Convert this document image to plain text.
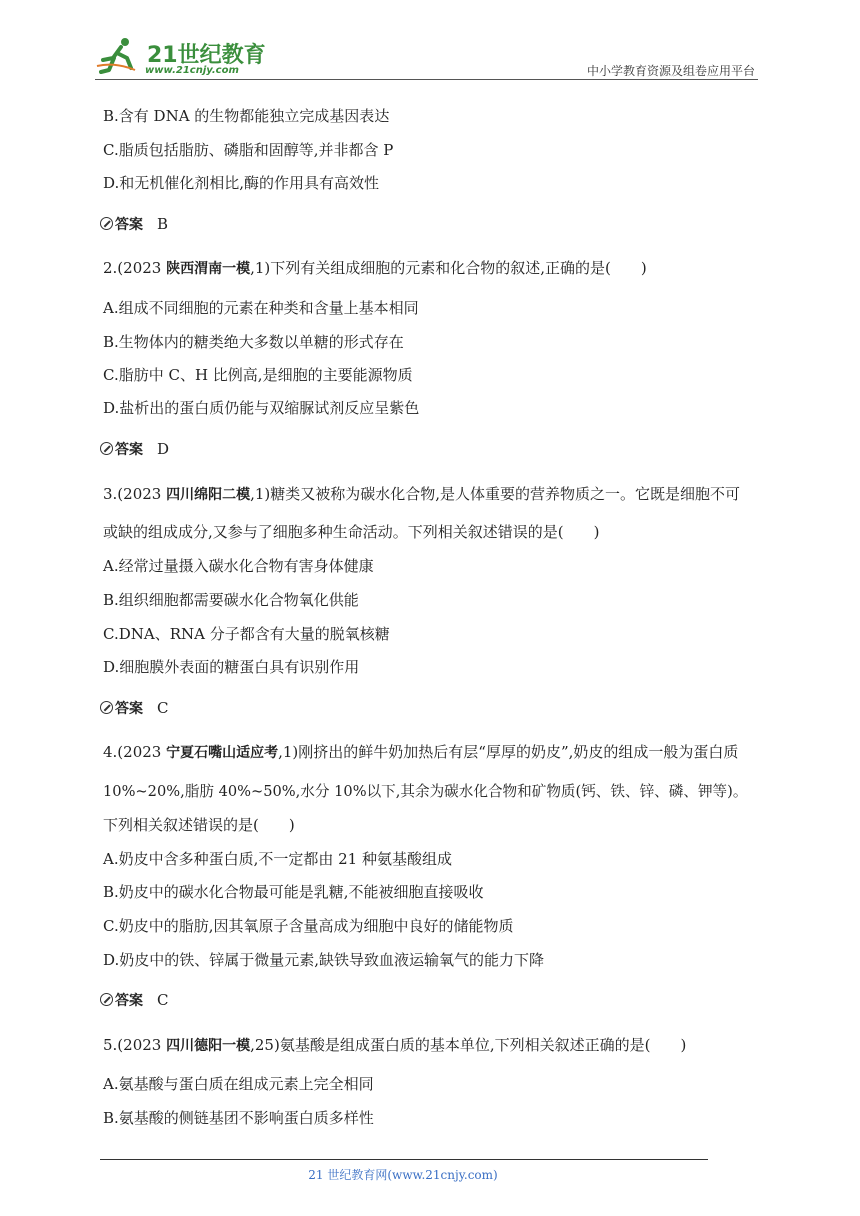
21世纪教育
www.21cnjy.com	中小学教育资源及组卷应用平台
B.含有 DNA 的生物都能独立完成基因表达
C.脂质包括脂肪、磷脂和固醇等,并非都含 P
D.和无机催化剂相比,酶的作用具有高效性
答案 B
2.(2023 陕西渭南一模,1)下列有关组成细胞的元素和化合物的叙述,正确的是(　　)
A.组成不同细胞的元素在种类和含量上基本相同
B.生物体内的糖类绝大多数以单糖的形式存在
C.脂肪中 C、H 比例高,是细胞的主要能源物质
D.盐析出的蛋白质仍能与双缩脲试剂反应呈紫色
答案 D
3.(2023 四川绵阳二模,1)糖类又被称为碳水化合物,是人体重要的营养物质之一。它既是细胞不可
或缺的组成成分,又参与了细胞多种生命活动。下列相关叙述错误的是(　　)
A.经常过量摄入碳水化合物有害身体健康
B.组织细胞都需要碳水化合物氧化供能
C.DNA、RNA 分子都含有大量的脱氧核糖
D.细胞膜外表面的糖蛋白具有识别作用
答案 C
4.(2023 宁夏石嘴山适应考,1)刚挤出的鲜牛奶加热后有层“厚厚的奶皮”,奶皮的组成一般为蛋白质
10%~20%,脂肪 40%~50%,水分 10%以下,其余为碳水化合物和矿物质(钙、铁、锌、磷、钾等)。
下列相关叙述错误的是(　　)
A.奶皮中含多种蛋白质,不一定都由 21 种氨基酸组成
B.奶皮中的碳水化合物最可能是乳糖,不能被细胞直接吸收
C.奶皮中的脂肪,因其氧原子含量高成为细胞中良好的储能物质
D.奶皮中的铁、锌属于微量元素,缺铁导致血液运输氧气的能力下降
答案 C
5.(2023 四川德阳一模,25)氨基酸是组成蛋白质的基本单位,下列相关叙述正确的是(　　)
A.氨基酸与蛋白质在组成元素上完全相同
B.氨基酸的侧链基团不影响蛋白质多样性
21 世纪教育网(www.21cnjy.com)
